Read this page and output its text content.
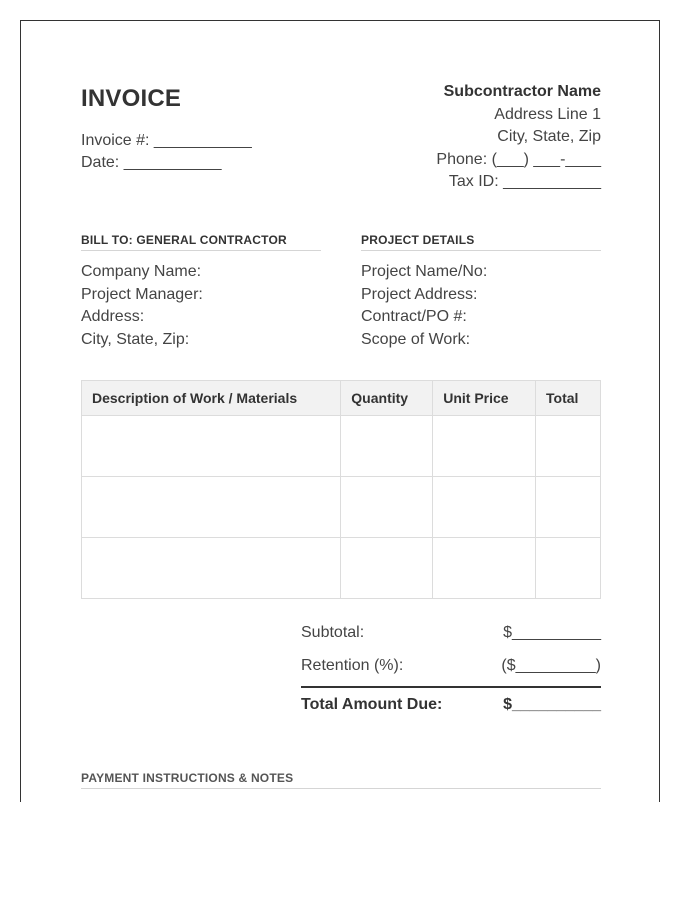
INVOICE
Invoice #: ___________
Date: ___________
Subcontractor Name
Address Line 1
City, State, Zip
Phone: (___) ___-____
Tax ID: ___________
BILL TO: GENERAL CONTRACTOR	PROJECT DETAILS
Company Name:
Project Manager:
Address:
City, State, Zip:
Project Name/No:
Project Address:
Contract/PO #:
Scope of Work:
Description of Work / Materials	Quantity	Unit Price	Total

Subtotal:	$__________
Retention (%):	($_________)
Total Amount Due:	$__________
PAYMENT INSTRUCTIONS & NOTES
